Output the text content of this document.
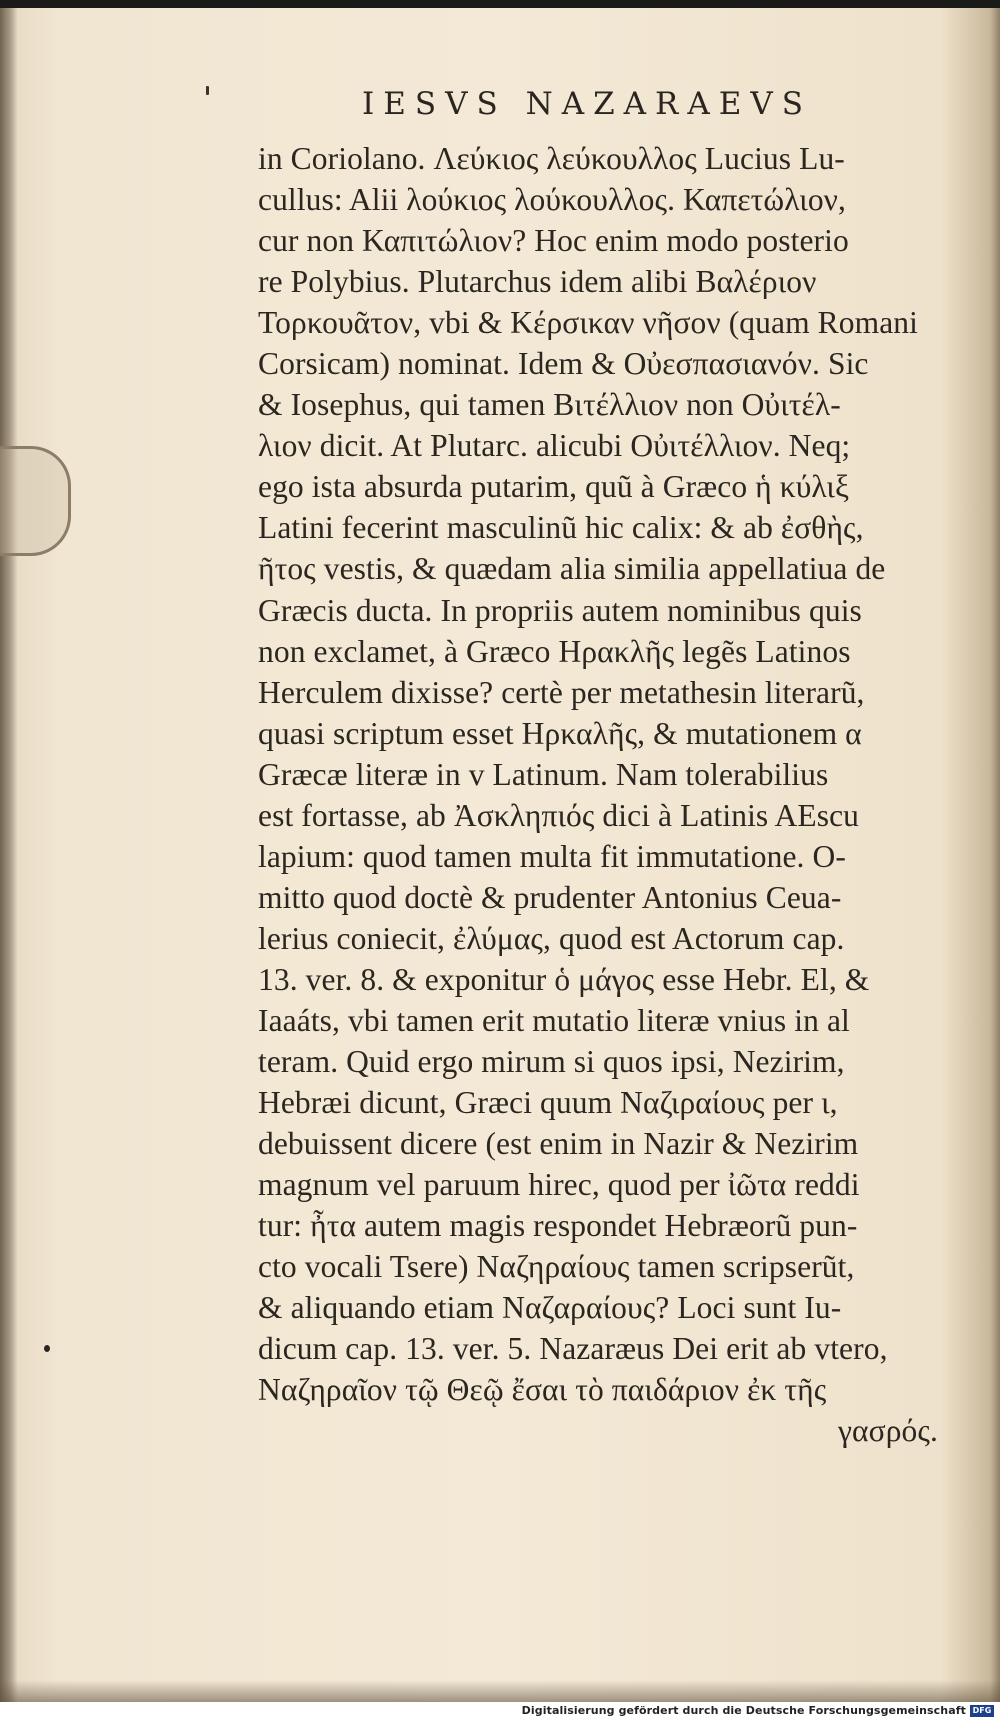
IESVS NAZARAEVS
in Coriolano. Λεύκιος λεύκουλλος Lucius Lu-
cullus: Alii λούκιος λούκουλλος. Καπετώλιον,
cur non Καπιτώλιον? Hoc enim modo posterio
re Polybius. Plutarchus idem alibi Βαλέριον
Τορκουᾶτον, vbi & Κέρσικαν νῆσον (quam Romani
Corsicam) nominat. Idem & Οὐεσπασιανόν. Sic
& Iosephus, qui tamen Βιτέλλιον non Οὐιτέλ-
λιον dicit. At Plutarc. alicubi Οὐιτέλλιον. Neq;
ego ista absurda putarim, quũ à Græco ἡ κύλιξ
Latini fecerint masculinũ hic calix: & ab ἐσθὴς,
ῆτος vestis, & quædam alia similia appellatiua de
Græcis ducta. In propriis autem nominibus quis
non exclamet, à Græco Ηρακλῆς legẽs Latinos
Herculem dixisse? certè per metathesin literarũ,
quasi scriptum esset Ηρκαλῆς, & mutationem α
Græcæ literæ in v Latinum. Nam tolerabilius
est fortasse, ab Ἀσκληπιός dici à Latinis AEscu
lapium: quod tamen multa fit immutatione. O-
mitto quod doctè & prudenter Antonius Ceua-
lerius coniecit, ἐλύμας, quod est Actorum cap.
13. ver. 8. & exponitur ὁ μάγος esse Hebr. El, &
Iaaáts, vbi tamen erit mutatio literæ vnius in al
teram. Quid ergo mirum si quos ipsi, Nezirim,
Hebræi dicunt, Græci quum Ναζιραίους per ι,
debuissent dicere (est enim in Nazir & Nezirim
magnum vel paruum hirec, quod per ἰῶτα reddi
tur: ἦτα autem magis respondet Hebræorũ pun-
cto vocali Tsere) Ναζηραίους tamen scripserũt,
& aliquando etiam Ναζαραίους? Loci sunt Iu-
dicum cap. 13. ver. 5. Nazaræus Dei erit ab vtero,
Ναζηραῖον τῷ Θεῷ ἔσαι τὸ παιδάριον ἐκ τῆς
γασρός.
Digitalisierung gefördert durch die Deutsche Forschungsgemeinschaft DFG
